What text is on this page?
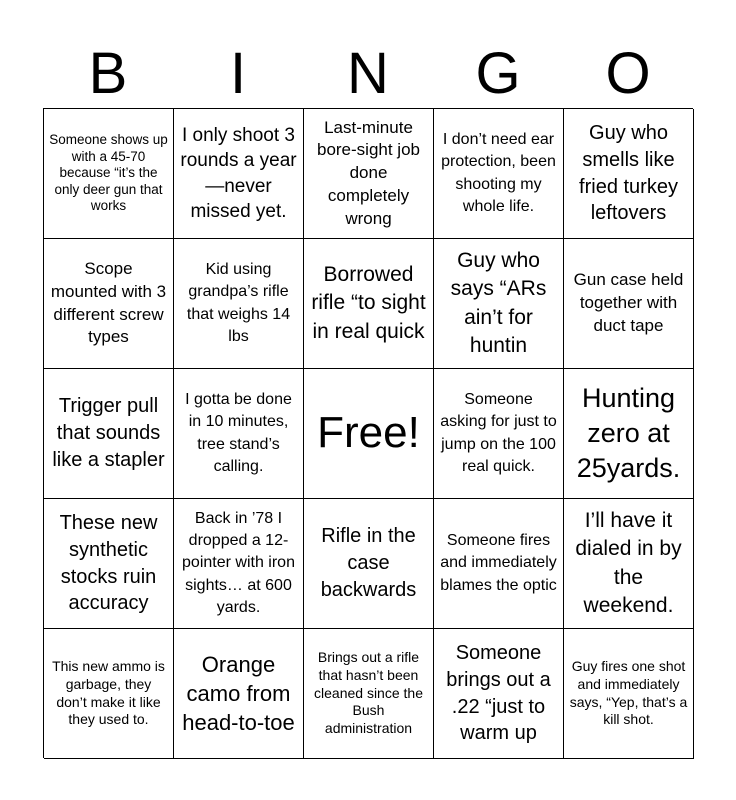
B	I	N	G	O
Someone shows up with a 45-70 because “it’s the only deer gun that works
I only shoot 3 rounds a year—never missed yet.
Last-minute bore-sight job done completely wrong
I don’t need ear protection, been shooting my whole life.
Guy who smells like fried turkey leftovers
Scope mounted with 3 different screw types
Kid using grandpa’s rifle that weighs 14 lbs
Borrowed rifle “to sight in real quick
Guy who says “ARs ain’t for huntin
Gun case held together with duct tape
Trigger pull that sounds like a stapler
I gotta be done in 10 minutes, tree stand’s calling.
Free!
Someone asking for just to jump on the 100 real quick.
Hunting zero at 25yards.
These new synthetic stocks ruin accuracy
Back in ’78 I dropped a 12-pointer with iron sights… at 600 yards.
Rifle in the case backwards
Someone fires and immediately blames the optic
I’ll have it dialed in by the weekend.
This new ammo is garbage, they don’t make it like they used to.
Orange camo from head-to-toe
Brings out a rifle that hasn’t been cleaned since the Bush administration
Someone brings out a .22 “just to warm up
Guy fires one shot and immediately says, “Yep, that’s a kill shot.
